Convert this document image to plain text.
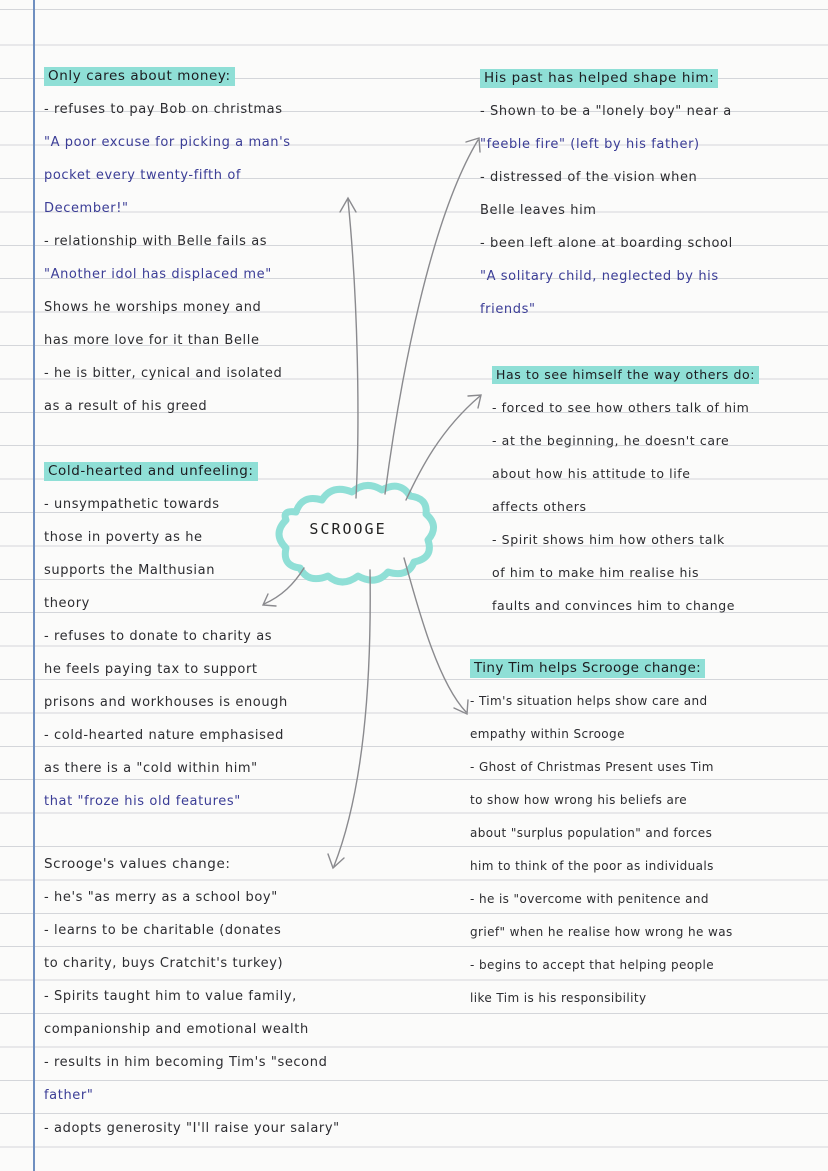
SCROOGE
Only cares about money:
- refuses to pay Bob on christmas
"A poor excuse for picking a man's
pocket every twenty-fifth of
December!"
- relationship with Belle fails as
"Another idol has displaced me"
Shows he worships money and
has more love for it than Belle
- he is bitter, cynical and isolated
as a result of his greed
Cold-hearted and unfeeling:
- unsympathetic towards
those in poverty as he
supports the Malthusian
theory
- refuses to donate to charity as
he feels paying tax to support
prisons and workhouses is enough
- cold-hearted nature emphasised
as there is a "cold within him"
that "froze his old features"
Scrooge's values change:
- he's "as merry as a school boy"
- learns to be charitable (donates
to charity, buys Cratchit's turkey)
- Spirits taught him to value family,
companionship and emotional wealth
- results in him becoming Tim's "second
father"
- adopts generosity "I'll raise your salary"
His past has helped shape him:
- Shown to be a "lonely boy" near a
"feeble fire" (left by his father)
- distressed of the vision when
Belle leaves him
- been left alone at boarding school
"A solitary child, neglected by his
friends"
Has to see himself the way others do:
- forced to see how others talk of him
- at the beginning, he doesn't care
about how his attitude to life
affects others
- Spirit shows him how others talk
of him to make him realise his
faults and convinces him to change
Tiny Tim helps Scrooge change:
- Tim's situation helps show care and
empathy within Scrooge
- Ghost of Christmas Present uses Tim
to show how wrong his beliefs are
about "surplus population" and forces
him to think of the poor as individuals
- he is "overcome with penitence and
grief" when he realise how wrong he was
- begins to accept that helping people
like Tim is his responsibility
